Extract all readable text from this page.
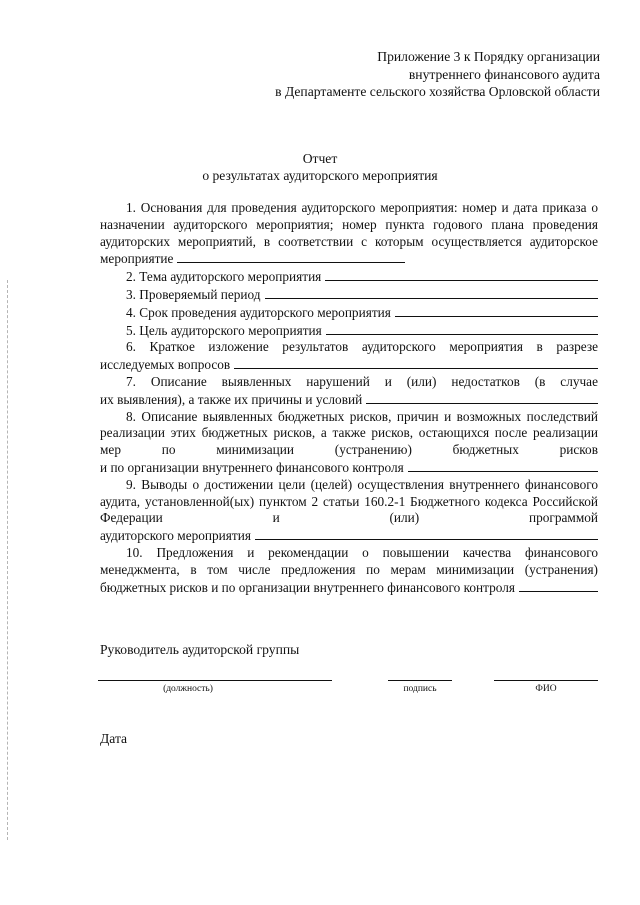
Приложение 3 к Порядку организации
внутреннего финансового аудита
в Департаменте сельского хозяйства Орловской области
Отчет
о результатах аудиторского мероприятия

1. Основания для проведения аудиторского мероприятия: номер и дата приказа о назначении аудиторского мероприятия; номер пункта годового плана проведения аудиторских мероприятий, в соответствии с которым осуществляется аудиторское мероприятие

2. Тема аудиторского мероприятия
3. Проверяемый период
4. Срок проведения аудиторского мероприятия
5. Цель аудиторского мероприятия

6. Краткое изложение результатов аудиторского мероприятия в разрезе

исследуемых вопросов

7. Описание выявленных нарушений и (или) недостатков (в случае

их выявления), а также их причины и условий

8. Описание выявленных бюджетных рисков, причин и возможных последствий реализации этих бюджетных рисков, а также рисков, остающихся после реализации мер по минимизации (устранению) бюджетных рисков

и по организации внутреннего финансового контроля

9. Выводы о достижении цели (целей) осуществления внутреннего финансового аудита, установленной(ых) пунктом 2 статьи 160.2-1 Бюджетного кодекса Российской Федерации и (или) программой

аудиторского мероприятия

10. Предложения и рекомендации о повышении качества финансового менеджмента, в том числе предложения по мерам минимизации (устранения)

бюджетных рисков и по организации внутреннего финансового контроля
Руководитель аудиторской группы
(должность)	подпись	ФИО
Дата
